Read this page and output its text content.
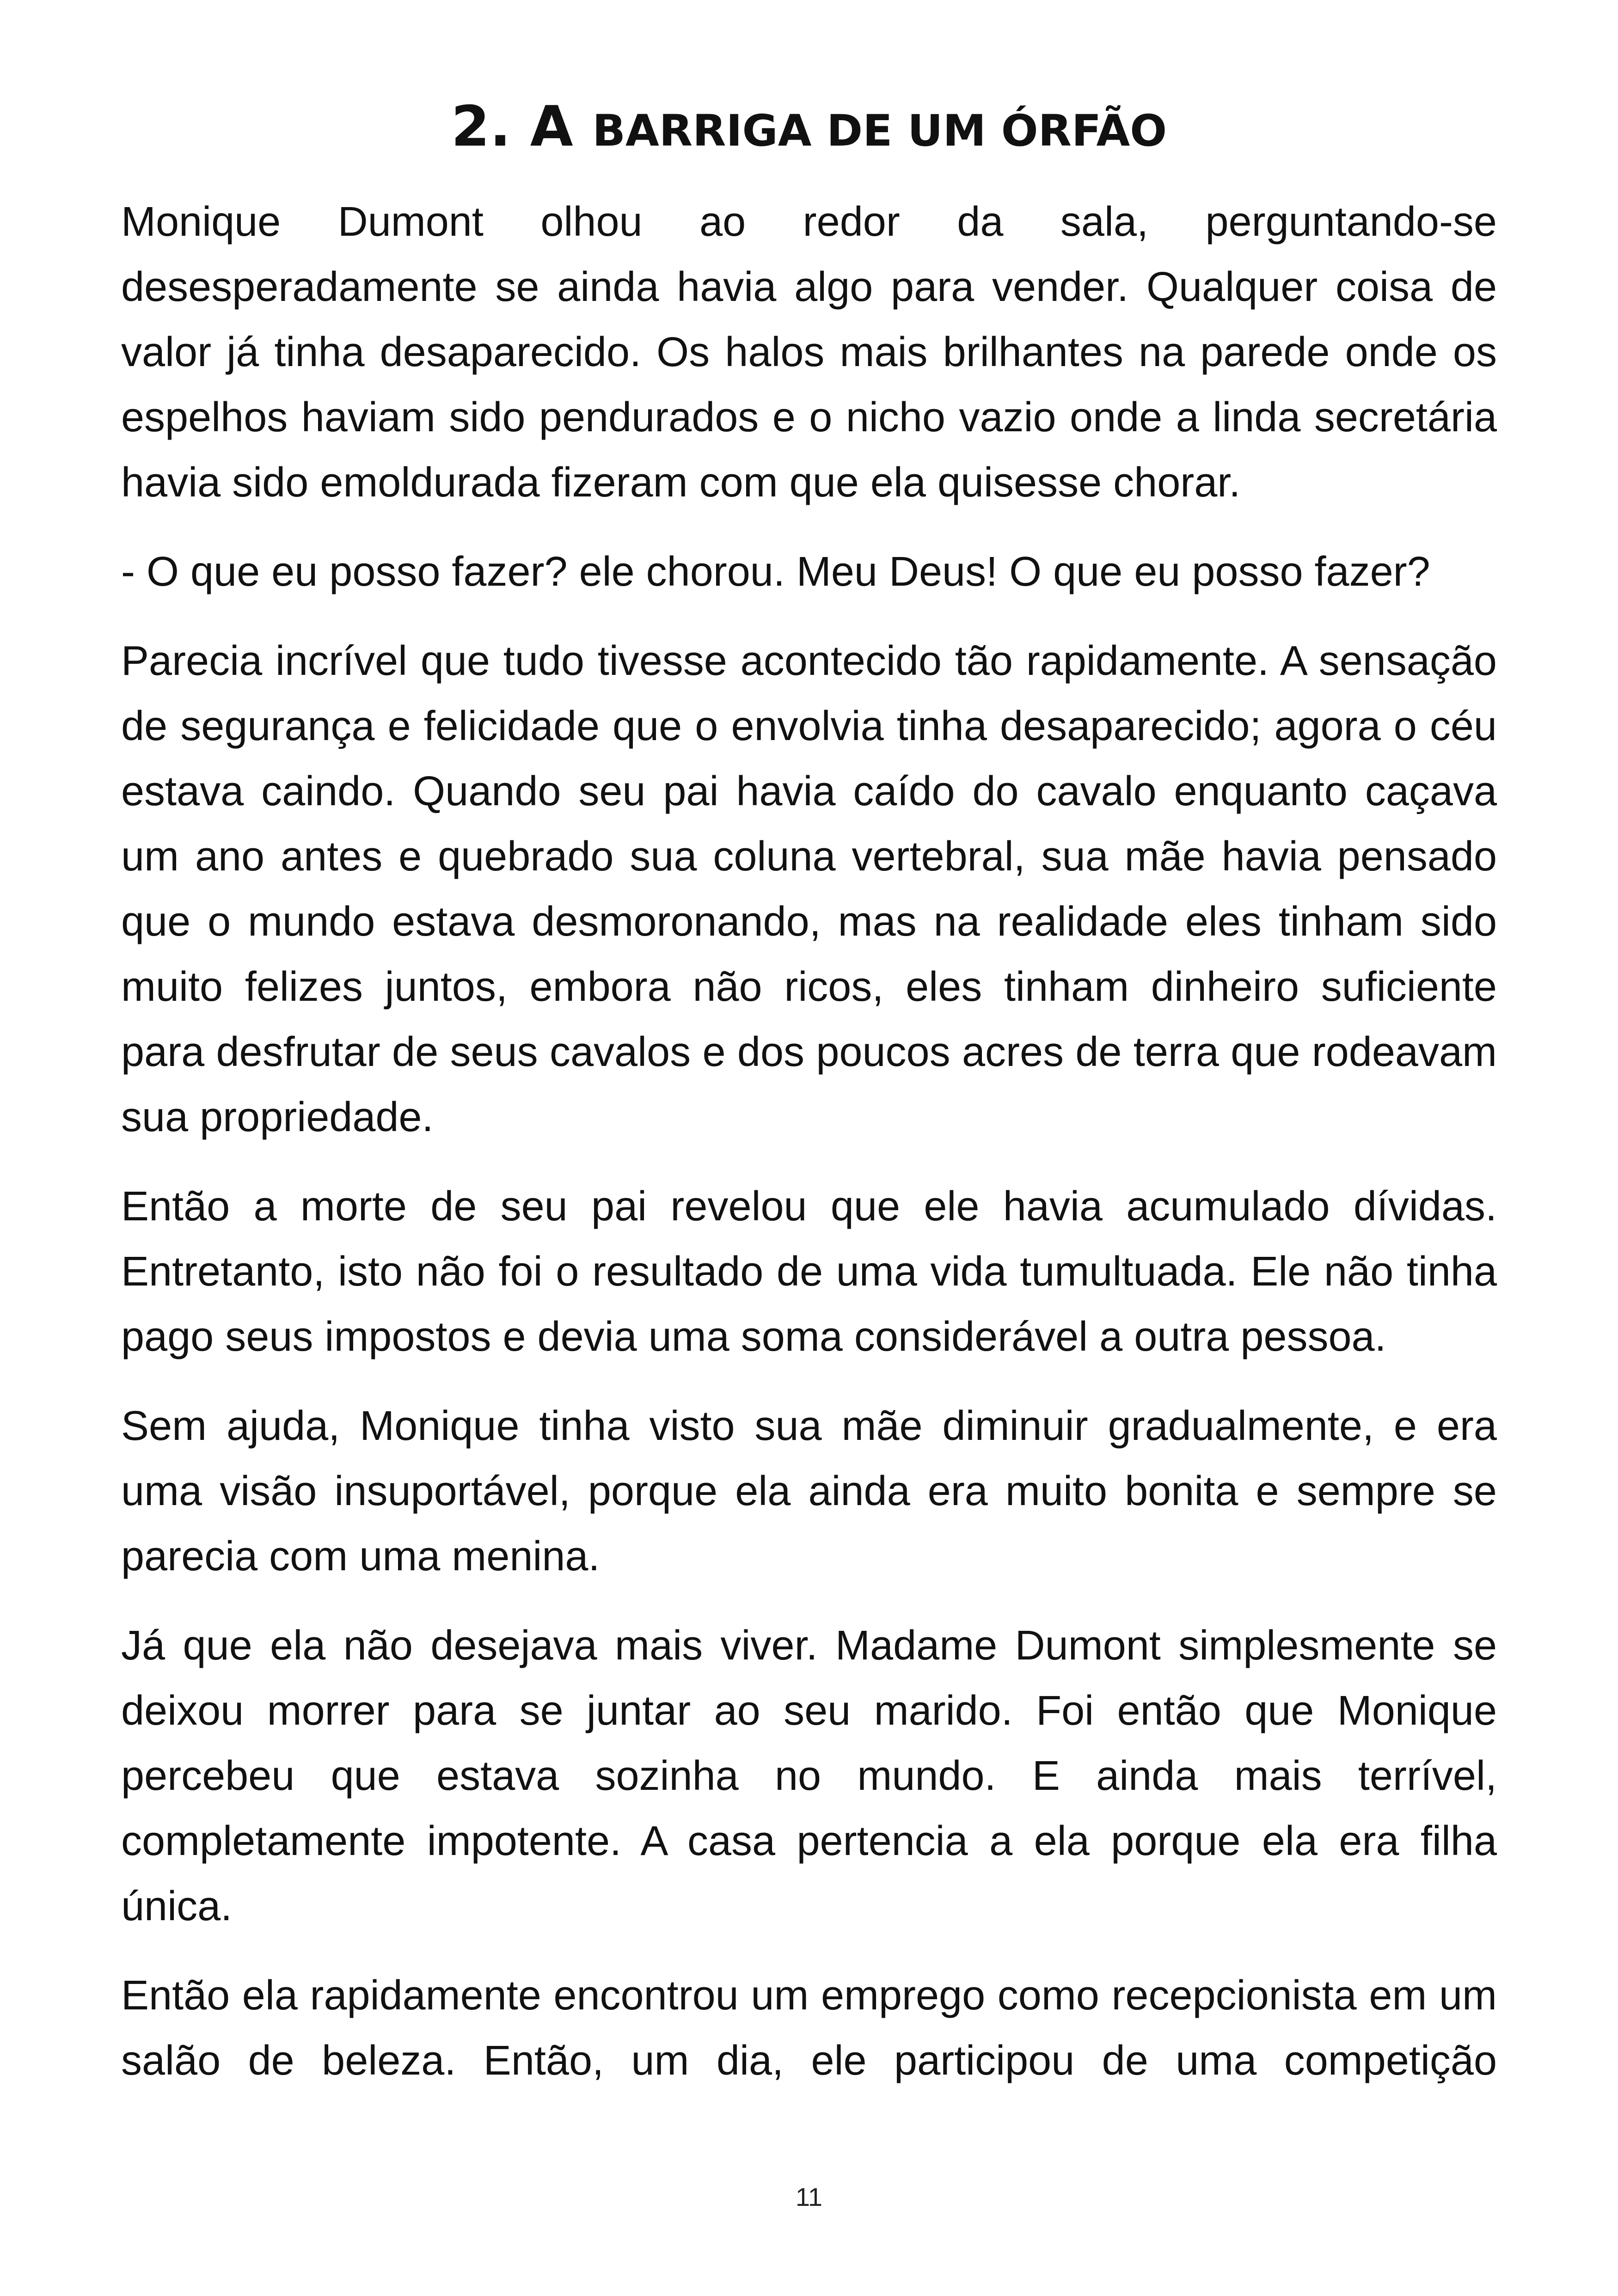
2. A BARRIGA DE UM ÓRFÃO

Monique Dumont olhou ao redor da sala, perguntando-se desesperadamente se ainda havia algo para vender. Qualquer coisa de valor já tinha desaparecido. Os halos mais brilhantes na parede onde os espelhos haviam sido pendurados e o nicho vazio onde a linda secretária havia sido emoldurada fizeram com que ela quisesse chorar.

- O que eu posso fazer? ele chorou. Meu Deus! O que eu posso fazer?

Parecia incrível que tudo tivesse acontecido tão rapidamente. A sensação de segurança e felicidade que o envolvia tinha desaparecido; agora o céu estava caindo. Quando seu pai havia caído do cavalo enquanto caçava um ano antes e quebrado sua coluna vertebral, sua mãe havia pensado que o mundo estava desmoronando, mas na realidade eles tinham sido muito felizes juntos, embora não ricos, eles tinham dinheiro suficiente para desfrutar de seus cavalos e dos poucos acres de terra que rodeavam sua propriedade.

Então a morte de seu pai revelou que ele havia acumulado dívidas. Entretanto, isto não foi o resultado de uma vida tumultuada. Ele não tinha pago seus impostos e devia uma soma considerável a outra pessoa.

Sem ajuda, Monique tinha visto sua mãe diminuir gradualmente, e era uma visão insuportável, porque ela ainda era muito bonita e sempre se parecia com uma menina.

Já que ela não desejava mais viver. Madame Dumont simplesmente se deixou morrer para se juntar ao seu marido. Foi então que Monique percebeu que estava sozinha no mundo. E ainda mais terrível, completamente impotente. A casa pertencia a ela porque ela era filha única.

Então ela rapidamente encontrou um emprego como recepcionista em um salão de beleza. Então, um dia, ele participou de uma competição

11
